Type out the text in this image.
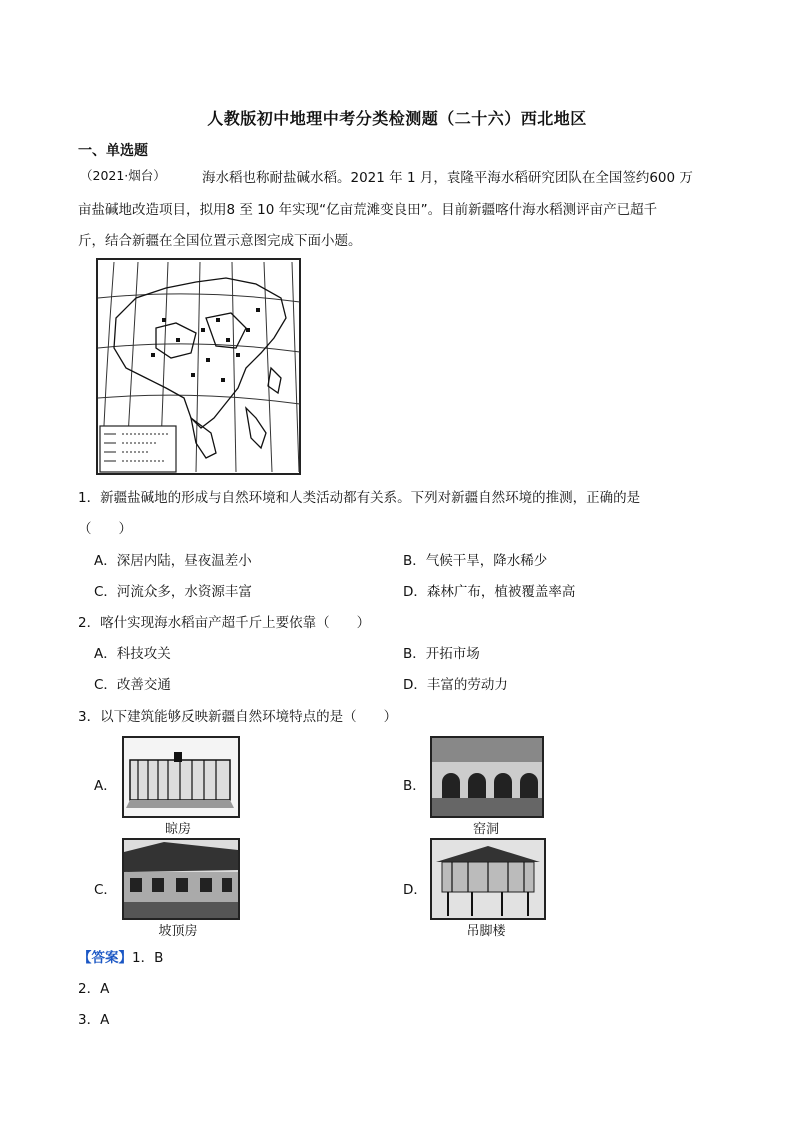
人教版初中地理中考分类检测题（二十六）西北地区
一、单选题
（2021·烟台）	海水稻也称耐盐碱水稻。2021 年 1 月，袁隆平海水稻研究团队在全国签约600 万
亩盐碱地改造项目，拟用8 至 10 年实现“亿亩荒滩变良田”。目前新疆喀什海水稻测评亩产已超千
斤，结合新疆在全国位置示意图完成下面小题。
1．新疆盐碱地的形成与自然环境和人类活动都有关系。下列对新疆自然环境的推测，正确的是
（　　）
A．深居内陆，昼夜温差小	B．气候干旱，降水稀少
C．河流众多，水资源丰富	D．森林广布，植被覆盖率高
2．喀什实现海水稻亩产超千斤上要依靠（　　）
A．科技攻关	B．开拓市场
C．改善交通	D．丰富的劳动力
3．以下建筑能够反映新疆自然环境特点的是（　　）
A．
晾房
B．
窑洞
C．
坡顶房
D．
吊脚楼
【答案】1．B
2．A
3．A
